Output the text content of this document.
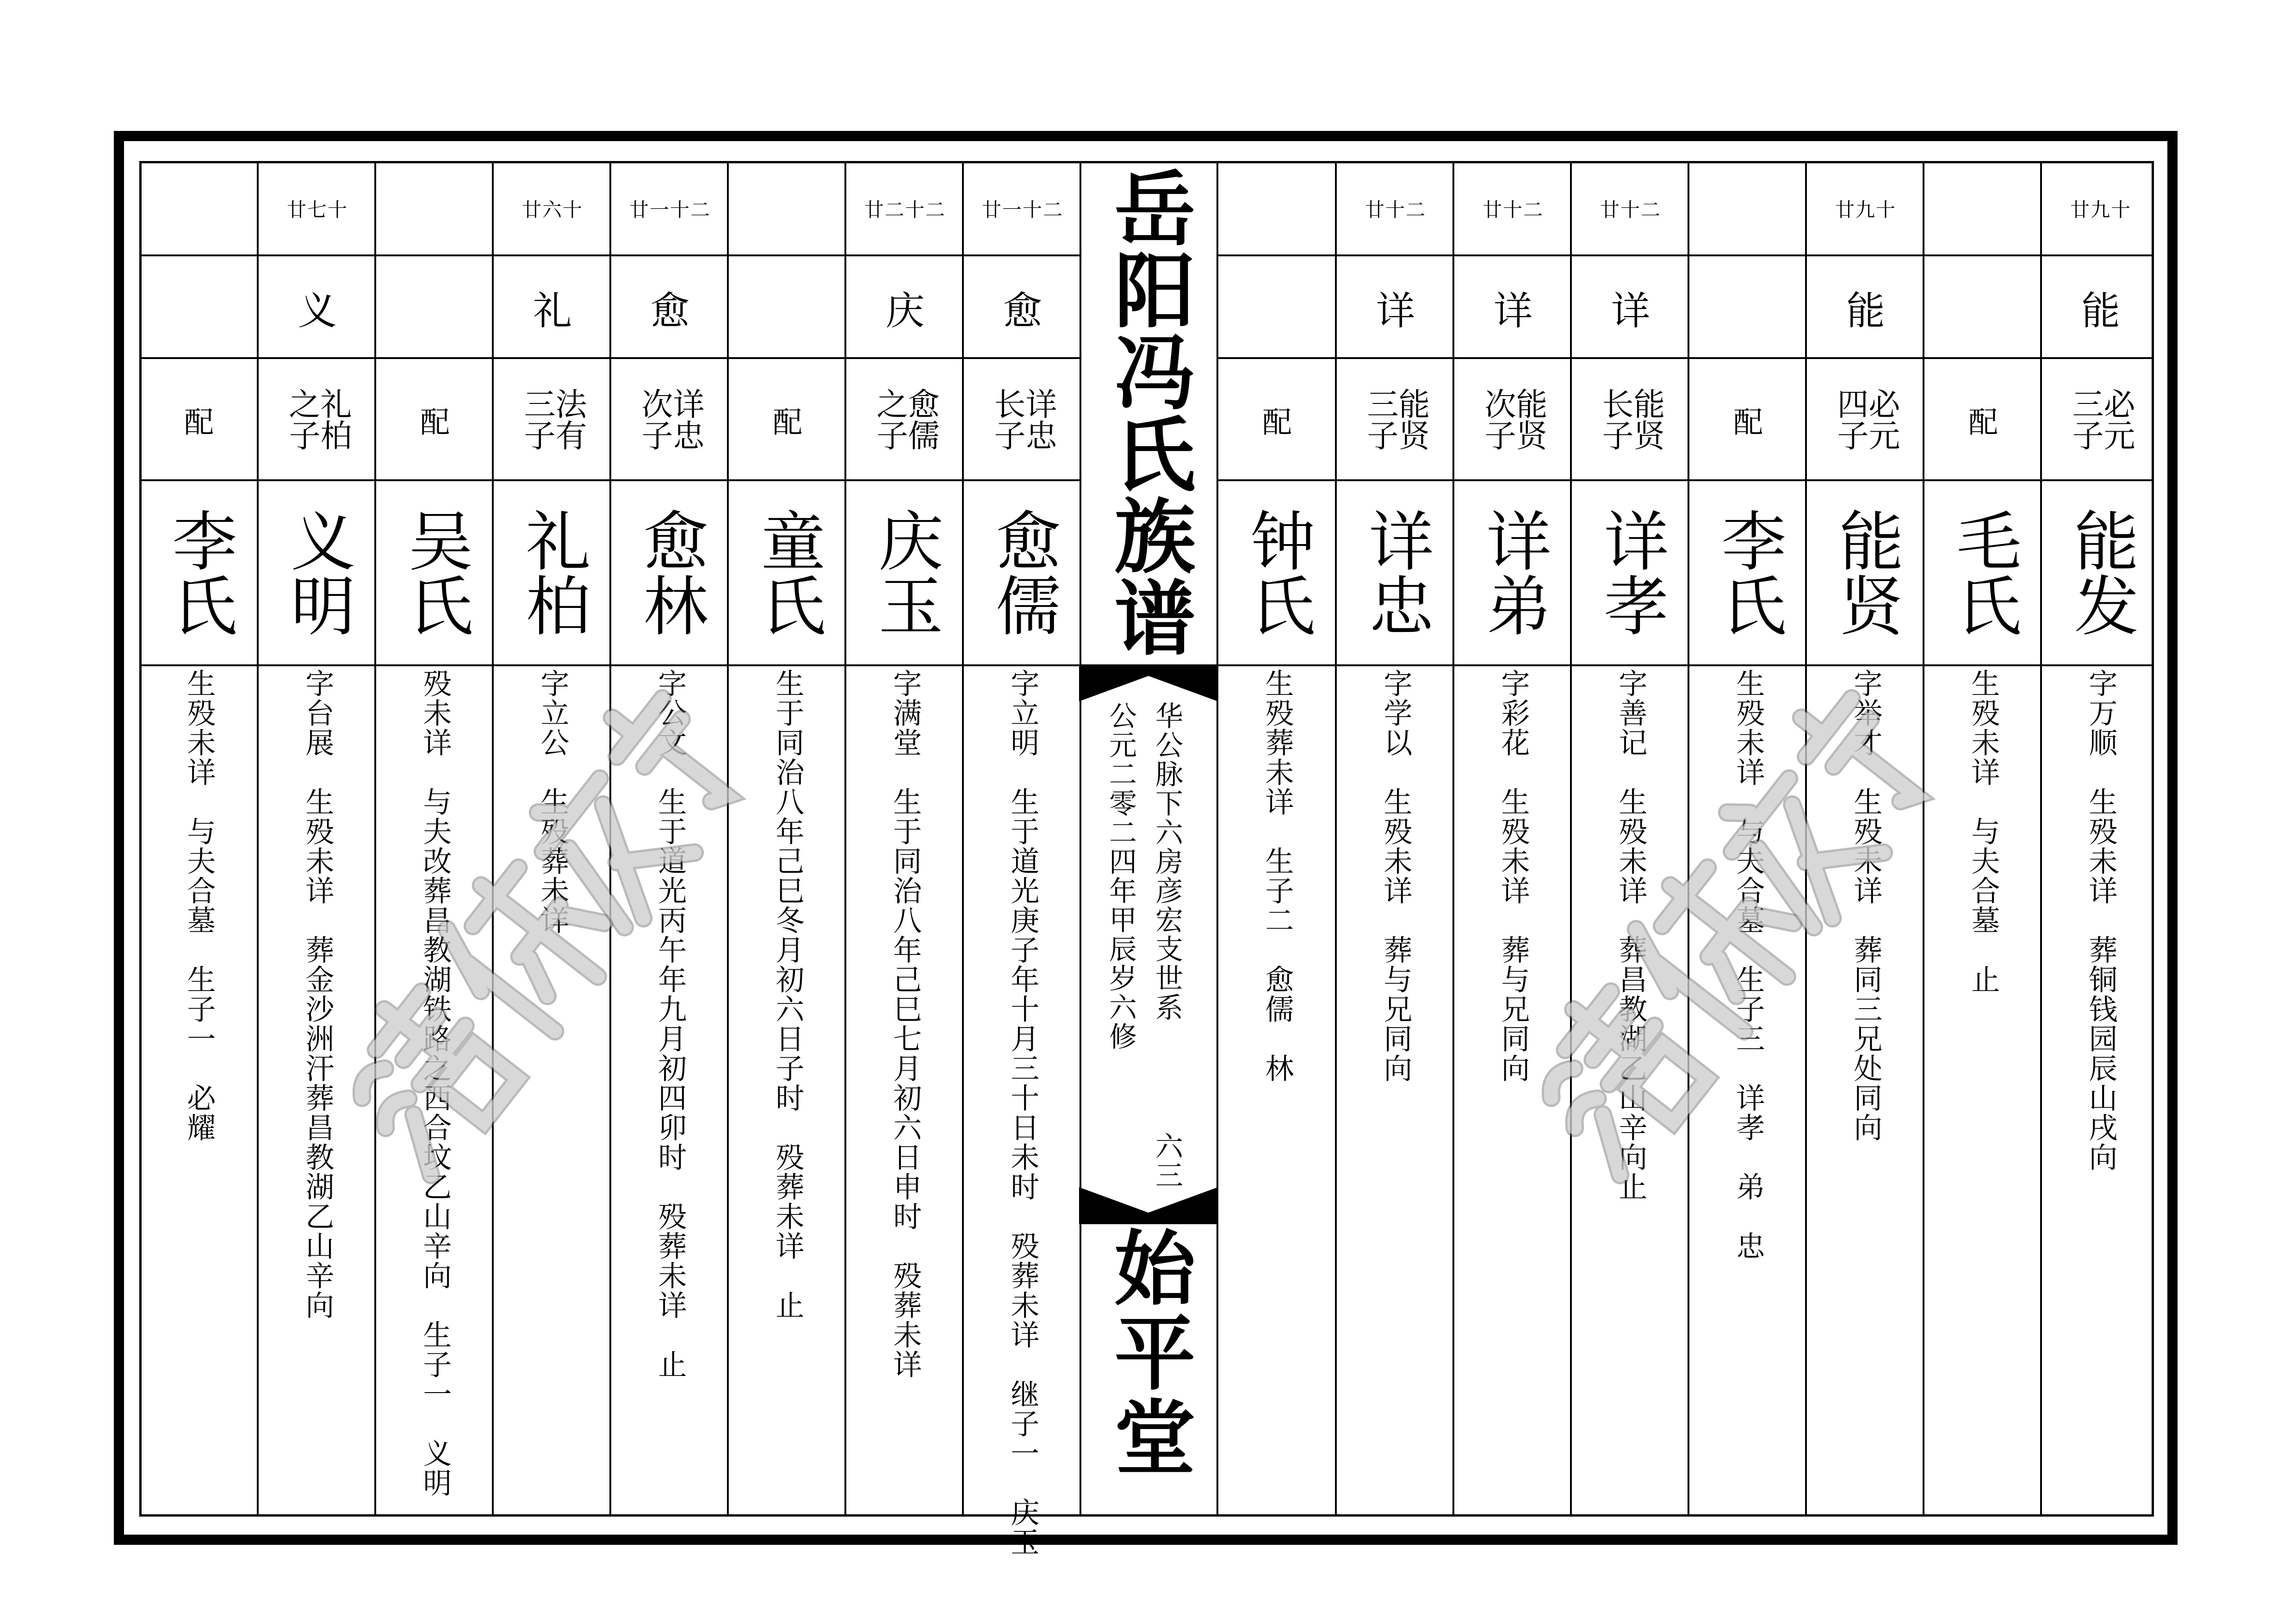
配
李氏
生殁未详　与夫合墓　生子一　必耀
廿七十
义
礼柏之子
义明
字台展　生殁未详　葬金沙洲汗葬昌教湖乙山辛向
配
吴氏
殁未详　与夫改葬昌教湖铁路之西合坟乙山辛向　生子一　义明
廿六十
礼
法有三子
礼柏
字立公　生殁葬未详
廿一十二
愈
详忠次子
愈林
字公文　生于道光丙午年九月初四卯时　殁葬未详　止
配
童氏
生于同治八年己巳冬月初六日子时　殁葬未详　止
廿二十二
庆
愈儒之子
庆玉
字满堂　生于同治八年己巳七月初六日申时　殁葬未详
廿一十二
愈
详忠长子
愈儒
字立明　生于道光庚子年十月三十日未时　殁葬未详　继子一　庆玉
配
钟氏
生殁葬未详　生子二　愈儒　林
廿十二
详
能贤三子
详忠
字学以　生殁未详　葬与兄同向
廿十二
详
能贤次子
详弟
字彩花　生殁未详　葬与兄同向
廿十二
详
能贤长子
详孝
字善记　生殁未详　葬昌教湖乙山辛向止
配
李氏
生殁未详　与夫合墓　生子三　详孝　弟　忠
廿九十
能
必元四子
能贤
字举才　生殁未详　葬同三兄处同向
配
毛氏
生殁未详　与夫合墓　止
廿九十
能
必元三子
能发
字万顺　生殁未详　葬铜钱园辰山戌向
岳阳冯氏族谱
华公脉下六房彦宏支世系
公元二零二四年甲辰岁六修
六三
始平堂
